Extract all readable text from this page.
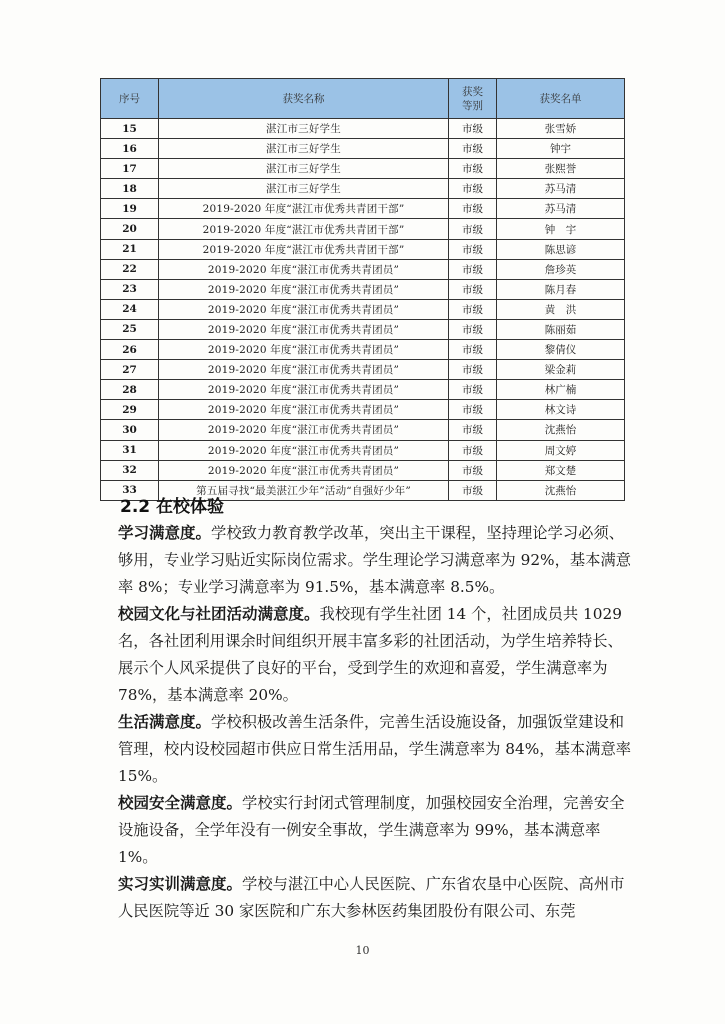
序号	获奖名称	获奖等别	获奖名单
15	湛江市三好学生	市级	张雪娇
16	湛江市三好学生	市级	钟宇
17	湛江市三好学生	市级	张熙誉
18	湛江市三好学生	市级	苏马清
19	2019-2020 年度“湛江市优秀共青团干部”	市级	苏马清
20	2019-2020 年度“湛江市优秀共青团干部”	市级	钟　宇
21	2019-2020 年度“湛江市优秀共青团干部”	市级	陈思谚
22	2019-2020 年度“湛江市优秀共青团员”	市级	詹珍英
23	2019-2020 年度“湛江市优秀共青团员”	市级	陈月春
24	2019-2020 年度“湛江市优秀共青团员”	市级	黄　洪
25	2019-2020 年度“湛江市优秀共青团员”	市级	陈丽茹
26	2019-2020 年度“湛江市优秀共青团员”	市级	黎倩仪
27	2019-2020 年度“湛江市优秀共青团员”	市级	梁金莉
28	2019-2020 年度“湛江市优秀共青团员”	市级	林广楠
29	2019-2020 年度“湛江市优秀共青团员”	市级	林文诗
30	2019-2020 年度“湛江市优秀共青团员”	市级	沈燕怡
31	2019-2020 年度“湛江市优秀共青团员”	市级	周文婷
32	2019-2020 年度“湛江市优秀共青团员”	市级	郑文楚
33	第五届寻找“最美湛江少年”活动“自强好少年”	市级	沈燕怡
2.2 在校体验

学习满意度。学校致力教育教学改革，突出主干课程，坚持理论学习必须、够用，专业学习贴近实际岗位需求。学生理论学习满意率为 92%，基本满意率 8%；专业学习满意率为 91.5%，基本满意率 8.5%。

校园文化与社团活动满意度。我校现有学生社团 14 个，社团成员共 1029 名，各社团利用课余时间组织开展丰富多彩的社团活动，为学生培养特长、展示个人风采提供了良好的平台，受到学生的欢迎和喜爱，学生满意率为 78%，基本满意率 20%。

生活满意度。学校积极改善生活条件，完善生活设施设备，加强饭堂建设和管理，校内设校园超市供应日常生活用品，学生满意率为 84%，基本满意率 15%。

校园安全满意度。学校实行封闭式管理制度，加强校园安全治理，完善安全设施设备，全学年没有一例安全事故，学生满意率为 99%，基本满意率 1%。

实习实训满意度。学校与湛江中心人民医院、广东省农垦中心医院、高州市人民医院等近 30 家医院和广东大参林医药集团股份有限公司、东莞

10
